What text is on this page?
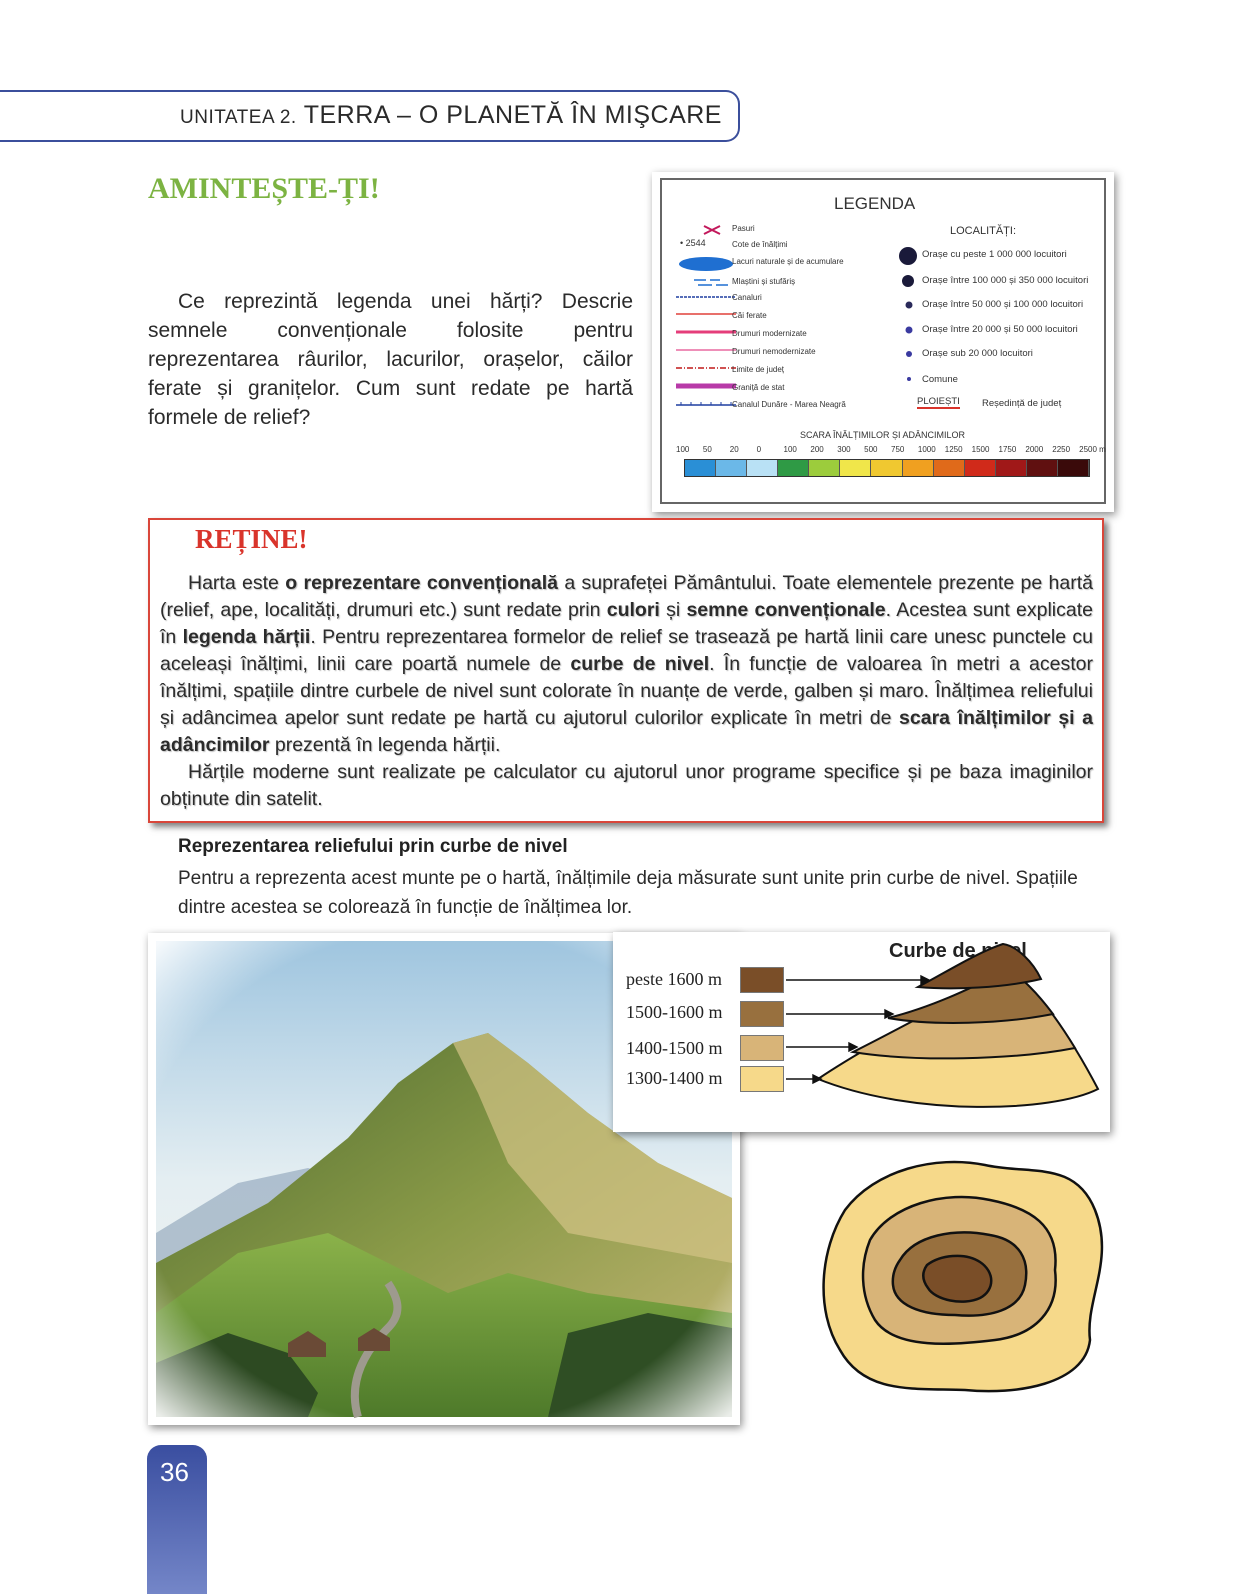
UNITATEA 2. TERRA – O PLANETĂ ÎN MIŞCARE
AMINTEȘTE-ȚI!
Ce reprezintă legenda unei hărți? Descrie semnele convenționale folosite pentru reprezentarea râurilor, lacurilor, orașelor, căilor ferate și granițelor. Cum sunt redate pe hartă formele de relief?
LEGENDA
• 2544
Pasuri
Cote de înălțimi
Lacuri naturale și de acumulare
Mlaștini și stufăriș
Canaluri
Căi ferate
Drumuri modernizate
Drumuri nemodernizate
Limite de județ
Graniță de stat
Canalul Dunăre - Marea Neagră
LOCALITĂȚI:
Orașe cu peste 1 000 000 locuitori
Orașe între 100 000 și 350 000 locuitori
Orașe între 50 000 și 100 000 locuitori
Orașe între 20 000 și 50 000 locuitori
Orașe sub 20 000 locuitori
Comune
PLOIEȘTI Reședință de județ
SCARA ÎNĂLȚIMILOR ȘI ADÂNCIMILOR
100 50 20 0	100 200 300 500 750 1000 1250 1500 1750 2000 2250 2500 m
REȚINE!
Harta este o reprezentare convențională a suprafeței Pământului. Toate elementele prezente pe hartă (relief, ape, localități, drumuri etc.) sunt redate prin culori și semne convenționale. Acestea sunt explicate în legenda hărții. Pentru reprezentarea formelor de relief se trasează pe hartă linii care unesc punctele cu aceleași înălțimi, linii care poartă numele de curbe de nivel. În funcție de valoarea în metri a acestor înălțimi, spațiile dintre curbele de nivel sunt colorate în nuanțe de verde, galben și maro. Înălțimea reliefului și adâncimea apelor sunt redate pe hartă cu ajutorul culorilor explicate în metri de scara înălțimilor și a adâncimilor prezentă în legenda hărții.
Hărțile moderne sunt realizate pe calculator cu ajutorul unor programe specifice și pe baza imaginilor obținute din satelit.
Reprezentarea reliefului prin curbe de nivel
Pentru a reprezenta acest munte pe o hartă, înălțimile deja măsurate sunt unite prin curbe de nivel. Spațiile dintre acestea se colorează în funcție de înălțimea lor.
Curbe de nivel
peste 1600 m
1500-1600 m
1400-1500 m
1300-1400 m
36
